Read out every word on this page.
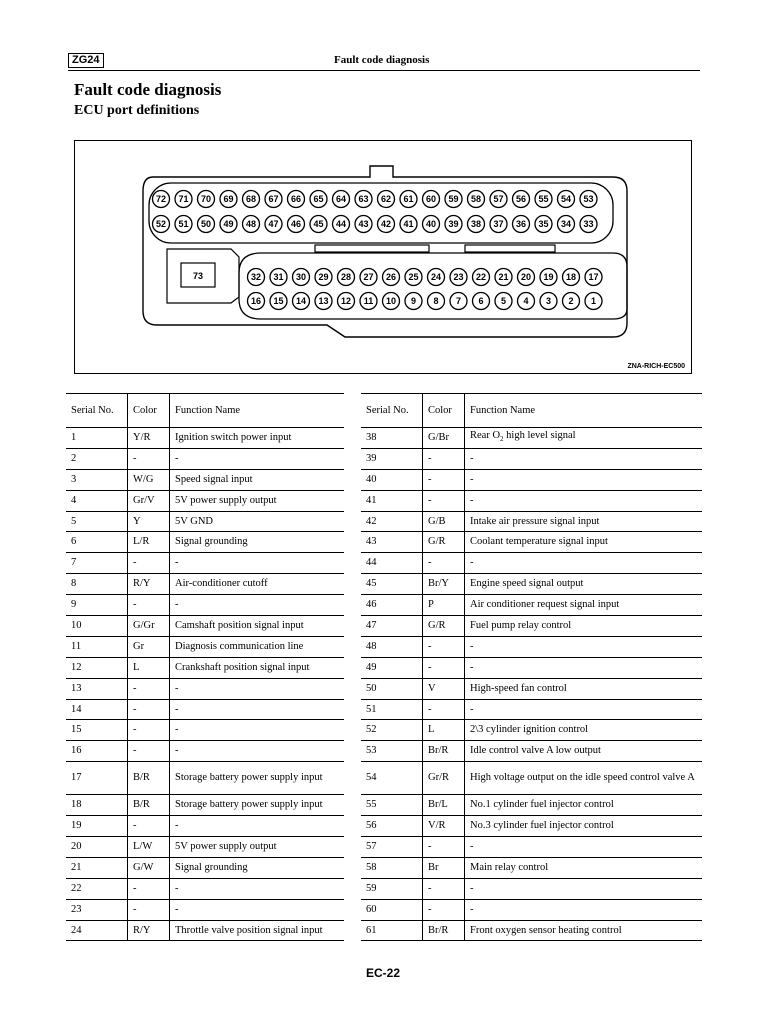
ZG24	Fault code diagnosis
Fault code diagnosis
ECU port definitions
73
72 71 70 69 68 67 66 65 64 63 62 61 60 59 58 57 56 55 54 53
52 51 50 49 48 47 46 45 44 43 42 41 40 39 38 37 36 35 34 33
32 31 30 29 28 27 26 25 24 23 22 21 20 19 18 17
16 15 14 13 12 11 10 9 8 7 6 5 4 3 2 1
ZNA-RICH-EC500
Serial No.	Color	Function Name
1	Y/R	Ignition switch power input
2	-	-
3	W/G	Speed signal input
4	Gr/V	5V power supply output
5	Y	5V GND
6	L/R	Signal grounding
7	-	-
8	R/Y	Air-conditioner cutoff
9	-	-
10	G/Gr	Camshaft position signal input
11	Gr	Diagnosis communication line
12	L	Crankshaft position signal input
13	-	-
14	-	-
15	-	-
16	-	-
17	B/R	Storage battery power supply input
18	B/R	Storage battery power supply input
19	-	-
20	L/W	5V power supply output
21	G/W	Signal grounding
22	-	-
23	-	-
24	R/Y	Throttle valve position signal input
Serial No.	Color	Function Name
38	G/Br	Rear $O_2$ high level signal
39	-	-
40	-	-
41	-	-
42	G/B	Intake air pressure signal input
43	G/R	Coolant temperature signal input
44	-	-
45	Br/Y	Engine speed signal output
46	P	Air conditioner request signal input
47	G/R	Fuel pump relay control
48	-	-
49	-	-
50	V	High-speed fan control
51	-	-
52	L	2\3 cylinder ignition control
53	Br/R	Idle control valve A low output
54	Gr/R	High voltage output on the idle speed control valve A
55	Br/L	No.1 cylinder fuel injector control
56	V/R	No.3 cylinder fuel injector control
57	-	-
58	Br	Main relay control
59	-	-
60	-	-
61	Br/R	Front oxygen sensor heating control
EC-22
